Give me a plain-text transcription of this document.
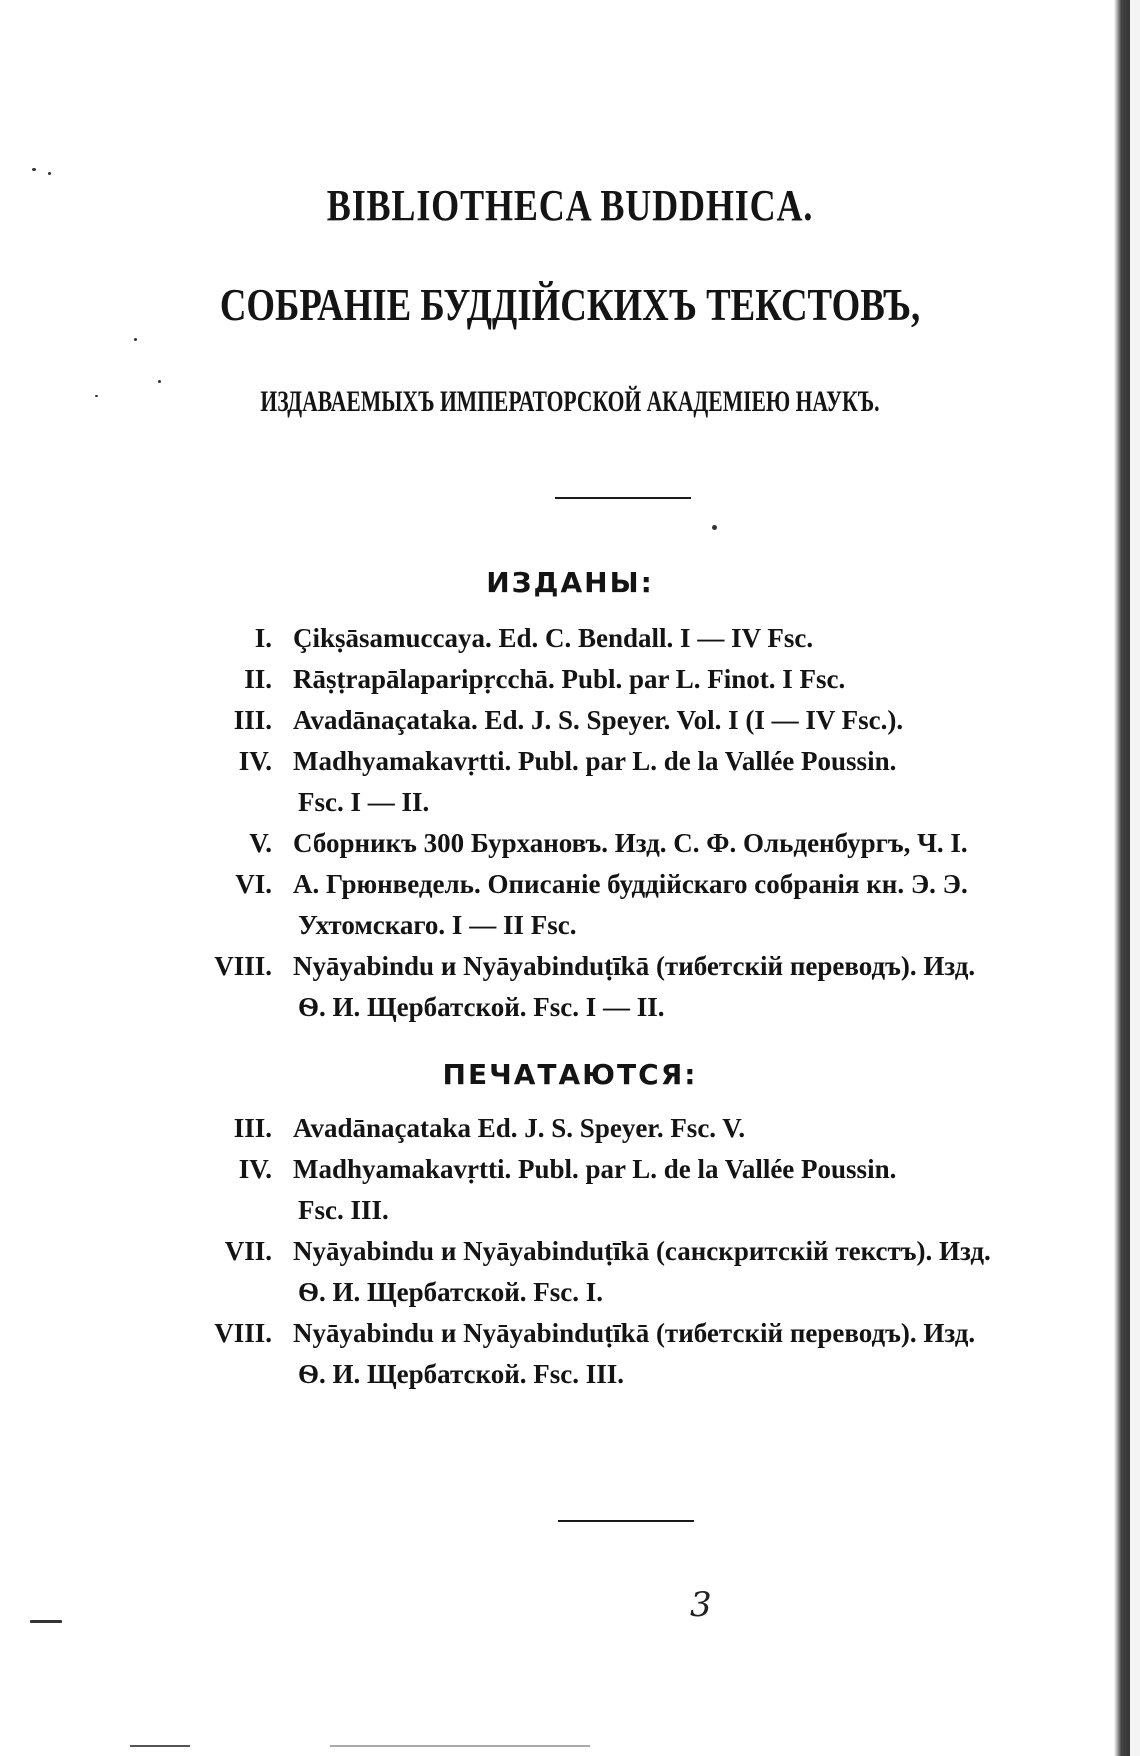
BIBLIOTHECA BUDDHICA.
СОБРАНІЕ БУДДІЙСКИХЪ ТЕКСТОВЪ,
ИЗДАВАЕМЫХЪ ИМПЕРАТОРСКОЙ АКАДЕМІЕЮ НАУКЪ.
ИЗДАНЫ:
I. Çikṣāsamuccaya. Ed. C. Bendall. I — IV Fsc.
II. Rāṣṭrapālaparipṛcchā. Publ. par L. Finot. I Fsc.
III. Avadānaçataka. Ed. J. S. Speyer. Vol. I (I — IV Fsc.).
IV. Madhyamakavṛtti. Publ. par L. de la Vallée Poussin.
Fsc. I — II.
V. Сборникъ 300 Бурхановъ. Изд. С. Ф. Ольденбургъ, Ч. I.
VI. А. Грюнведель. Описаніе буддійскаго собранія кн. Э. Э.
Ухтомскаго. I — II Fsc.
VIII. Nyāyabindu и Nyāyabinduṭīkā (тибетскій переводъ). Изд.
Ѳ. И. Щербатской. Fsc. I — II.
ПЕЧАТАЮТСЯ:
III. Avadānaçataka Ed. J. S. Speyer. Fsc. V.
IV. Madhyamakavṛtti. Publ. par L. de la Vallée Poussin.
Fsc. III.
VII. Nyāyabindu и Nyāyabinduṭīkā (санскритскій текстъ). Изд.
Ѳ. И. Щербатской. Fsc. I.
VIII. Nyāyabindu и Nyāyabinduṭīkā (тибетскій переводъ). Изд.
Ѳ. И. Щербатской. Fsc. III.
3
